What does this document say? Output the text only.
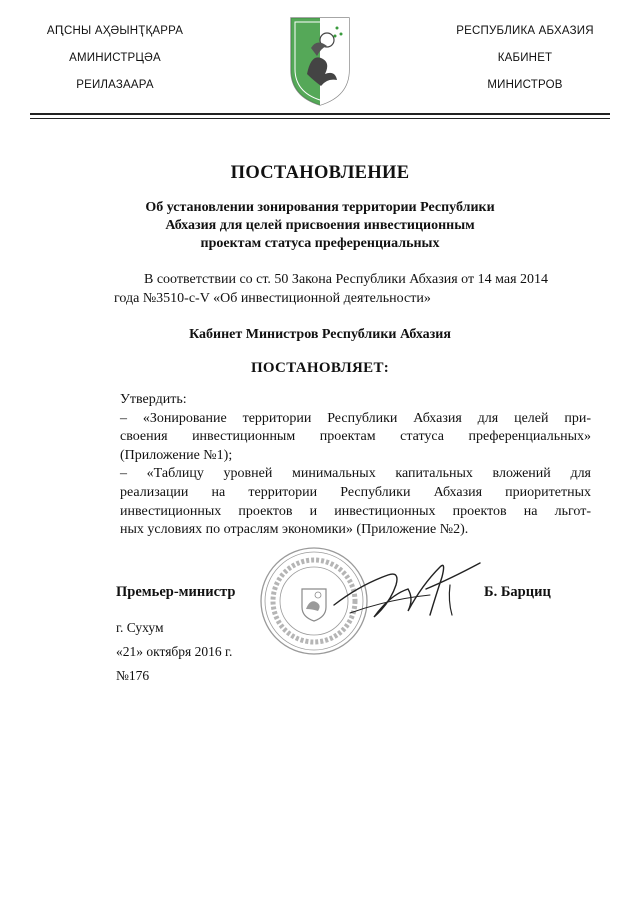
АԤСНЫ АҲӘЫНҬҚАРРА
АМИНИСТРЦӘА
РЕИЛАЗААРА
РЕСПУБЛИКА АБХАЗИЯ
КАБИНЕТ
МИНИСТРОВ
ПОСТАНОВЛЕНИЕ
Об установлении зонирования территории Республики
Абхазия для целей присвоения инвестиционным
проектам статуса преференциальных
В соответствии со ст. 50 Закона Республики Абхазия от 14 мая 2014
года №3510-с-V «Об инвестиционной деятельности»
Кабинет Министров Республики Абхазия
ПОСТАНОВЛЯЕТ:
Утвердить:
– «Зонирование территории Республики Абхазия для целей при-
своения инвестиционным проектам статуса преференциальных»
(Приложение №1);
– «Таблицу уровней минимальных капитальных вложений для
реализации на территории Республики Абхазия приоритетных
инвестиционных проектов и инвестиционных проектов на льгот-
ных условиях по отраслям экономики» (Приложение №2).
Премьер-министр	Б. Барциц
г. Сухум
«21» октября 2016 г.
№176
